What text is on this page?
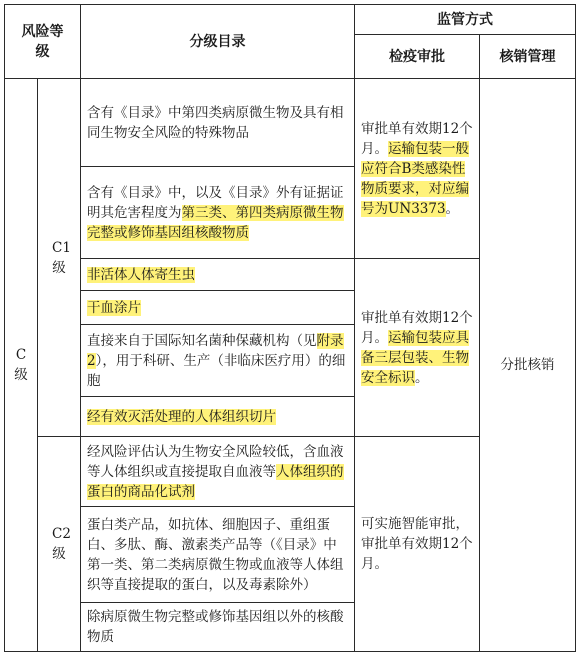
风险等级		分级目录	监管方式	
			检疫审批	核销管理
C级	C1级	含有《目录》中第四类病原微生物及具有相同生物安全风险的特殊物品	审批单有效期12个月。运输包装一般应符合B类感染性物质要求，对应编号为UN3373。	分批核销
		含有《目录》中，以及《目录》外有证据证明其危害程度为第三类、第四类病原微生物完整或修饰基因组核酸物质		
		非活体人体寄生虫	审批单有效期12个月。运输包装应具备三层包装、生物安全标识。	
		干血涂片		
		直接来自于国际知名菌种保藏机构（见附录2），用于科研、生产（非临床医疗用）的细胞		
		经有效灭活处理的人体组织切片		
	C2级	经风险评估认为生物安全风险较低，含血液等人体组织或直接提取自血液等人体组织的蛋白的商品化试剂	可实施智能审批，审批单有效期12个月。	
		蛋白类产品，如抗体、细胞因子、重组蛋白、多肽、酶、激素类产品等（《目录》中第一类、第二类病原微生物或血液等人体组织等直接提取的蛋白，以及毒素除外）		
		除病原微生物完整或修饰基因组以外的核酸物质		
